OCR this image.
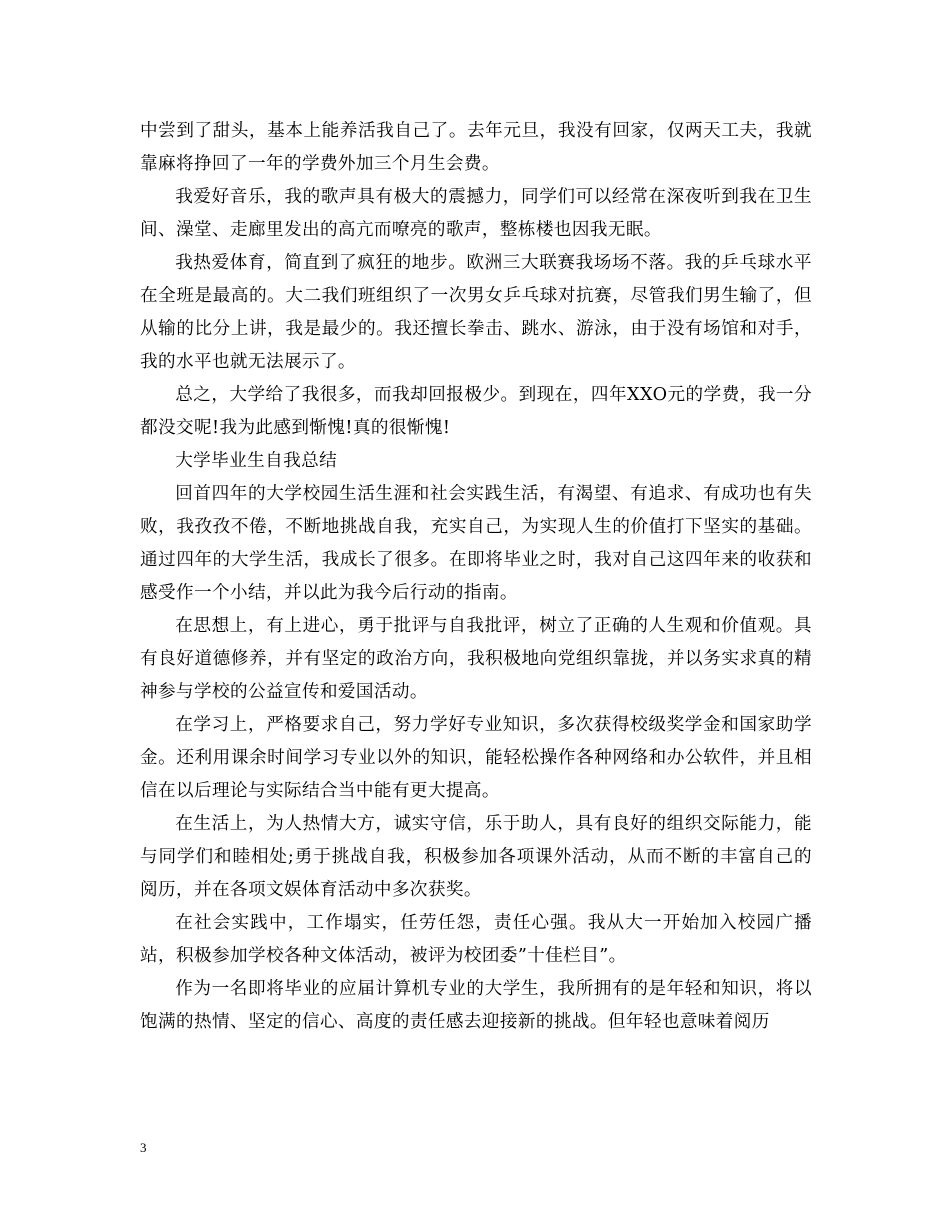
中尝到了甜头，基本上能养活我自己了。去年元旦，我没有回家，仅两天工夫，我就靠麻将挣回了一年的学费外加三个月生会费。

我爱好音乐，我的歌声具有极大的震撼力，同学们可以经常在深夜听到我在卫生间、澡堂、走廊里发出的高亢而嘹亮的歌声，整栋楼也因我无眠。

我热爱体育，简直到了疯狂的地步。欧洲三大联赛我场场不落。我的乒乓球水平在全班是最高的。大二我们班组织了一次男女乒乓球对抗赛，尽管我们男生输了，但从输的比分上讲，我是最少的。我还擅长拳击、跳水、游泳，由于没有场馆和对手，我的水平也就无法展示了。

总之，大学给了我很多，而我却回报极少。到现在，四年XXO元的学费，我一分都没交呢!我为此感到惭愧!真的很惭愧!

大学毕业生自我总结

回首四年的大学校园生活生涯和社会实践生活，有渴望、有追求、有成功也有失败，我孜孜不倦，不断地挑战自我，充实自己，为实现人生的价值打下坚实的基础。通过四年的大学生活，我成长了很多。在即将毕业之时，我对自己这四年来的收获和感受作一个小结，并以此为我今后行动的指南。

在思想上，有上进心，勇于批评与自我批评，树立了正确的人生观和价值观。具有良好道德修养，并有坚定的政治方向，我积极地向党组织靠拢，并以务实求真的精神参与学校的公益宣传和爱国活动。

在学习上，严格要求自己，努力学好专业知识，多次获得校级奖学金和国家助学金。还利用课余时间学习专业以外的知识，能轻松操作各种网络和办公软件，并且相信在以后理论与实际结合当中能有更大提高。

在生活上，为人热情大方，诚实守信，乐于助人，具有良好的组织交际能力，能与同学们和睦相处;勇于挑战自我，积极参加各项课外活动，从而不断的丰富自己的阅历，并在各项文娱体育活动中多次获奖。

在社会实践中，工作塌实，任劳任怨，责任心强。我从大一开始加入校园广播站，积极参加学校各种文体活动，被评为校团委”十佳栏目”。

作为一名即将毕业的应届计算机专业的大学生，我所拥有的是年轻和知识，将以饱满的热情、坚定的信心、高度的责任感去迎接新的挑战。但年轻也意味着阅历

3
